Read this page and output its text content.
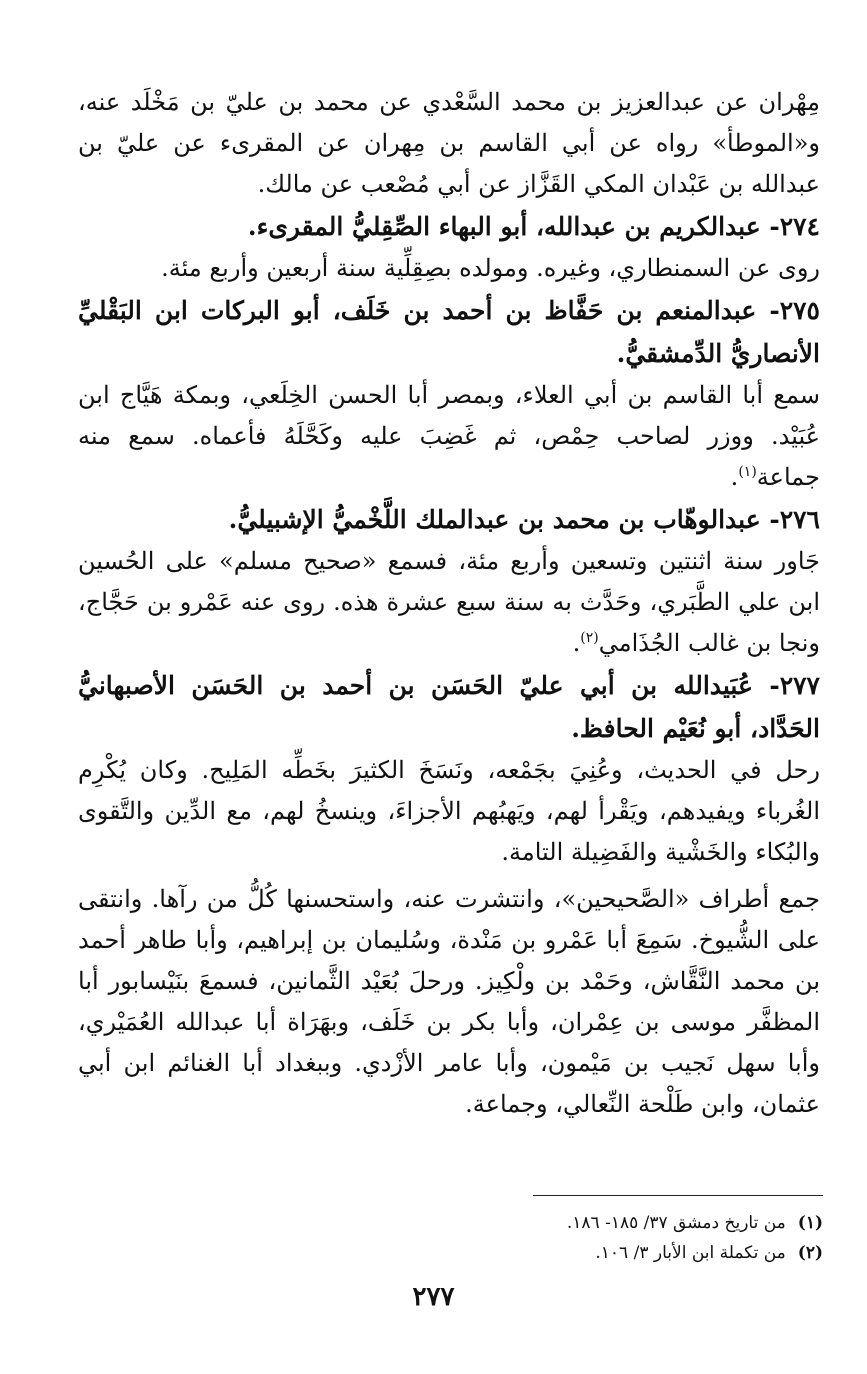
مِهْران عن عبدالعزيز بن محمد السَّعْدي عن محمد بن عليّ بن مَخْلَد عنه، و«الموطأ» رواه عن أبي القاسم بن مِهران عن المقرىء عن عليّ بن عبدالله بن عَبْدان المكي القَزَّاز عن أبي مُصْعب عن مالك.

٢٧٤- عبدالكريم بن عبدالله، أبو البهاء الصِّقِليُّ المقرىء.

روى عن السمنطاري، وغيره. ومولده بصِقِلِّية سنة أربعين وأربع مئة.

٢٧٥- عبدالمنعم بن حَفَّاظ بن أحمد بن خَلَف، أبو البركات ابن البَقْليِّ الأنصاريُّ الدِّمشقيُّ.

سمع أبا القاسم بن أبي العلاء، وبمصر أبا الحسن الخِلَعي، وبمكة هَيَّاج ابن عُبَيْد. ووزر لصاحب حِمْص، ثم غَضِبَ عليه وكَحَّلَهُ فأعماه. سمع منه جماعة$^{(١)}$.

٢٧٦- عبدالوهّاب بن محمد بن عبدالملك اللَّخْميُّ الإشبيليُّ.

جَاور سنة اثنتين وتسعين وأربع مئة، فسمع «صحيح مسلم» على الحُسين ابن علي الطَّبَري، وحَدَّث به سنة سبع عشرة هذه. روى عنه عَمْرو بن حَجَّاج، ونجا بن غالب الجُذَامي$^{(٢)}$.

٢٧٧- عُبَيدالله بن أبي عليّ الحَسَن بن أحمد بن الحَسَن الأصبهانيُّ الحَدَّاد، أبو نُعَيْم الحافظ.

رحل في الحديث، وعُنِيَ بجَمْعه، ونَسَخَ الكثيرَ بخَطِّه المَلِيح. وكان يُكْرِم الغُرباء ويفيدهم، ويَقْرأ لهم، ويَهبُهم الأجزاءَ، وينسخُ لهم، مع الدِّين والتَّقوى والبُكاء والخَشْية والفَضِيلة التامة.

جمع أطراف «الصَّحيحين»، وانتشرت عنه، واستحسنها كُلُّ من رآها. وانتقى على الشُّيوخ. سَمِعَ أبا عَمْرو بن مَنْدة، وسُليمان بن إبراهيم، وأبا طاهر أحمد بن محمد النَّقَّاش، وحَمْد بن ولْكِيز. ورحلَ بُعَيْد الثَّمانين، فسمعَ بنَيْسابور أبا المظفَّر موسى بن عِمْران، وأبا بكر بن خَلَف، وبهَرَاة أبا عبدالله العُمَيْري، وأبا سهل نَجيب بن مَيْمون، وأبا عامر الأزْدي. وببغداد أبا الغنائم ابن أبي عثمان، وابن طَلْحة النِّعالي، وجماعة.

(١)من تاريخ دمشق ٣٧/ ١٨٥- ١٨٦.

(٢)من تكملة ابن الأبار ٣/ ١٠٦.

٢٧٧
